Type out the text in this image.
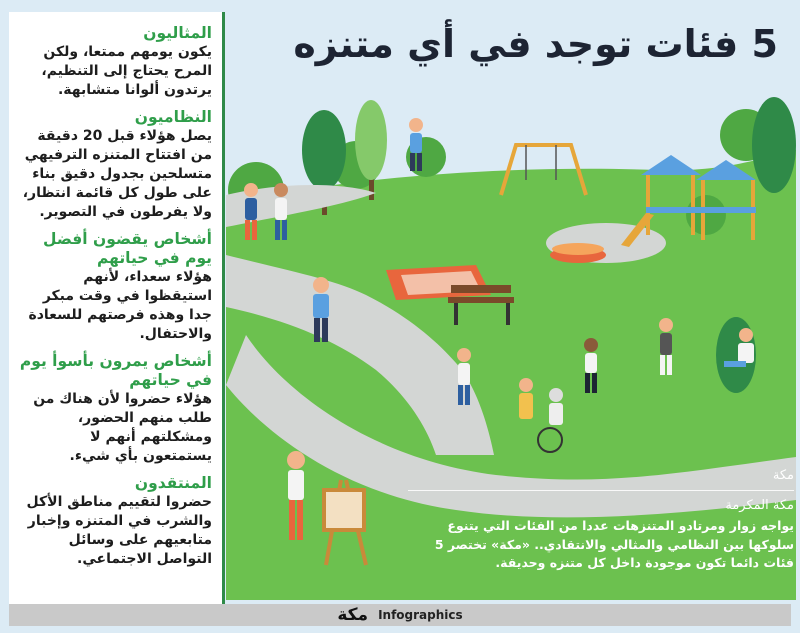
5 فئات توجد في أي متنزه
المثاليون
يكون يومهم ممتعا، ولكن المرح يحتاج إلى التنظيم، يرتدون ألوانا متشابهة.
النظاميون
يصل هؤلاء قبل 20 دقيقة من افتتاح المتنزه الترفيهي متسلحين بجدول دقيق بناء على طول كل قائمة انتظار، ولا يفرطون في التصوير.
أشخاص يقضون أفضل يوم في حياتهم
هؤلاء سعداء، لأنهم استيقظوا في وقت مبكر جدا وهذه فرصتهم للسعادة والاحتفال.
أشخاص يمرون بأسوأ يوم في حياتهم
هؤلاء حضروا لأن هناك من طلب منهم الحضور، ومشكلتهم أنهم لا يستمتعون بأي شيء.
المنتقدون
حضروا لتقييم مناطق الأكل والشرب في المتنزه وإخبار متابعيهم على وسائل التواصل الاجتماعي.
مكة
مكة المكرمة
يواجه زوار ومرتادو المتنزهات عددا من الفئات التي يتنوع سلوكها بين النظامي والمثالي والانتقادي.. «مكة» تختصر 5 فئات دائما تكون موجودة داخل كل متنزه وحديقة.
مكة Infographics
